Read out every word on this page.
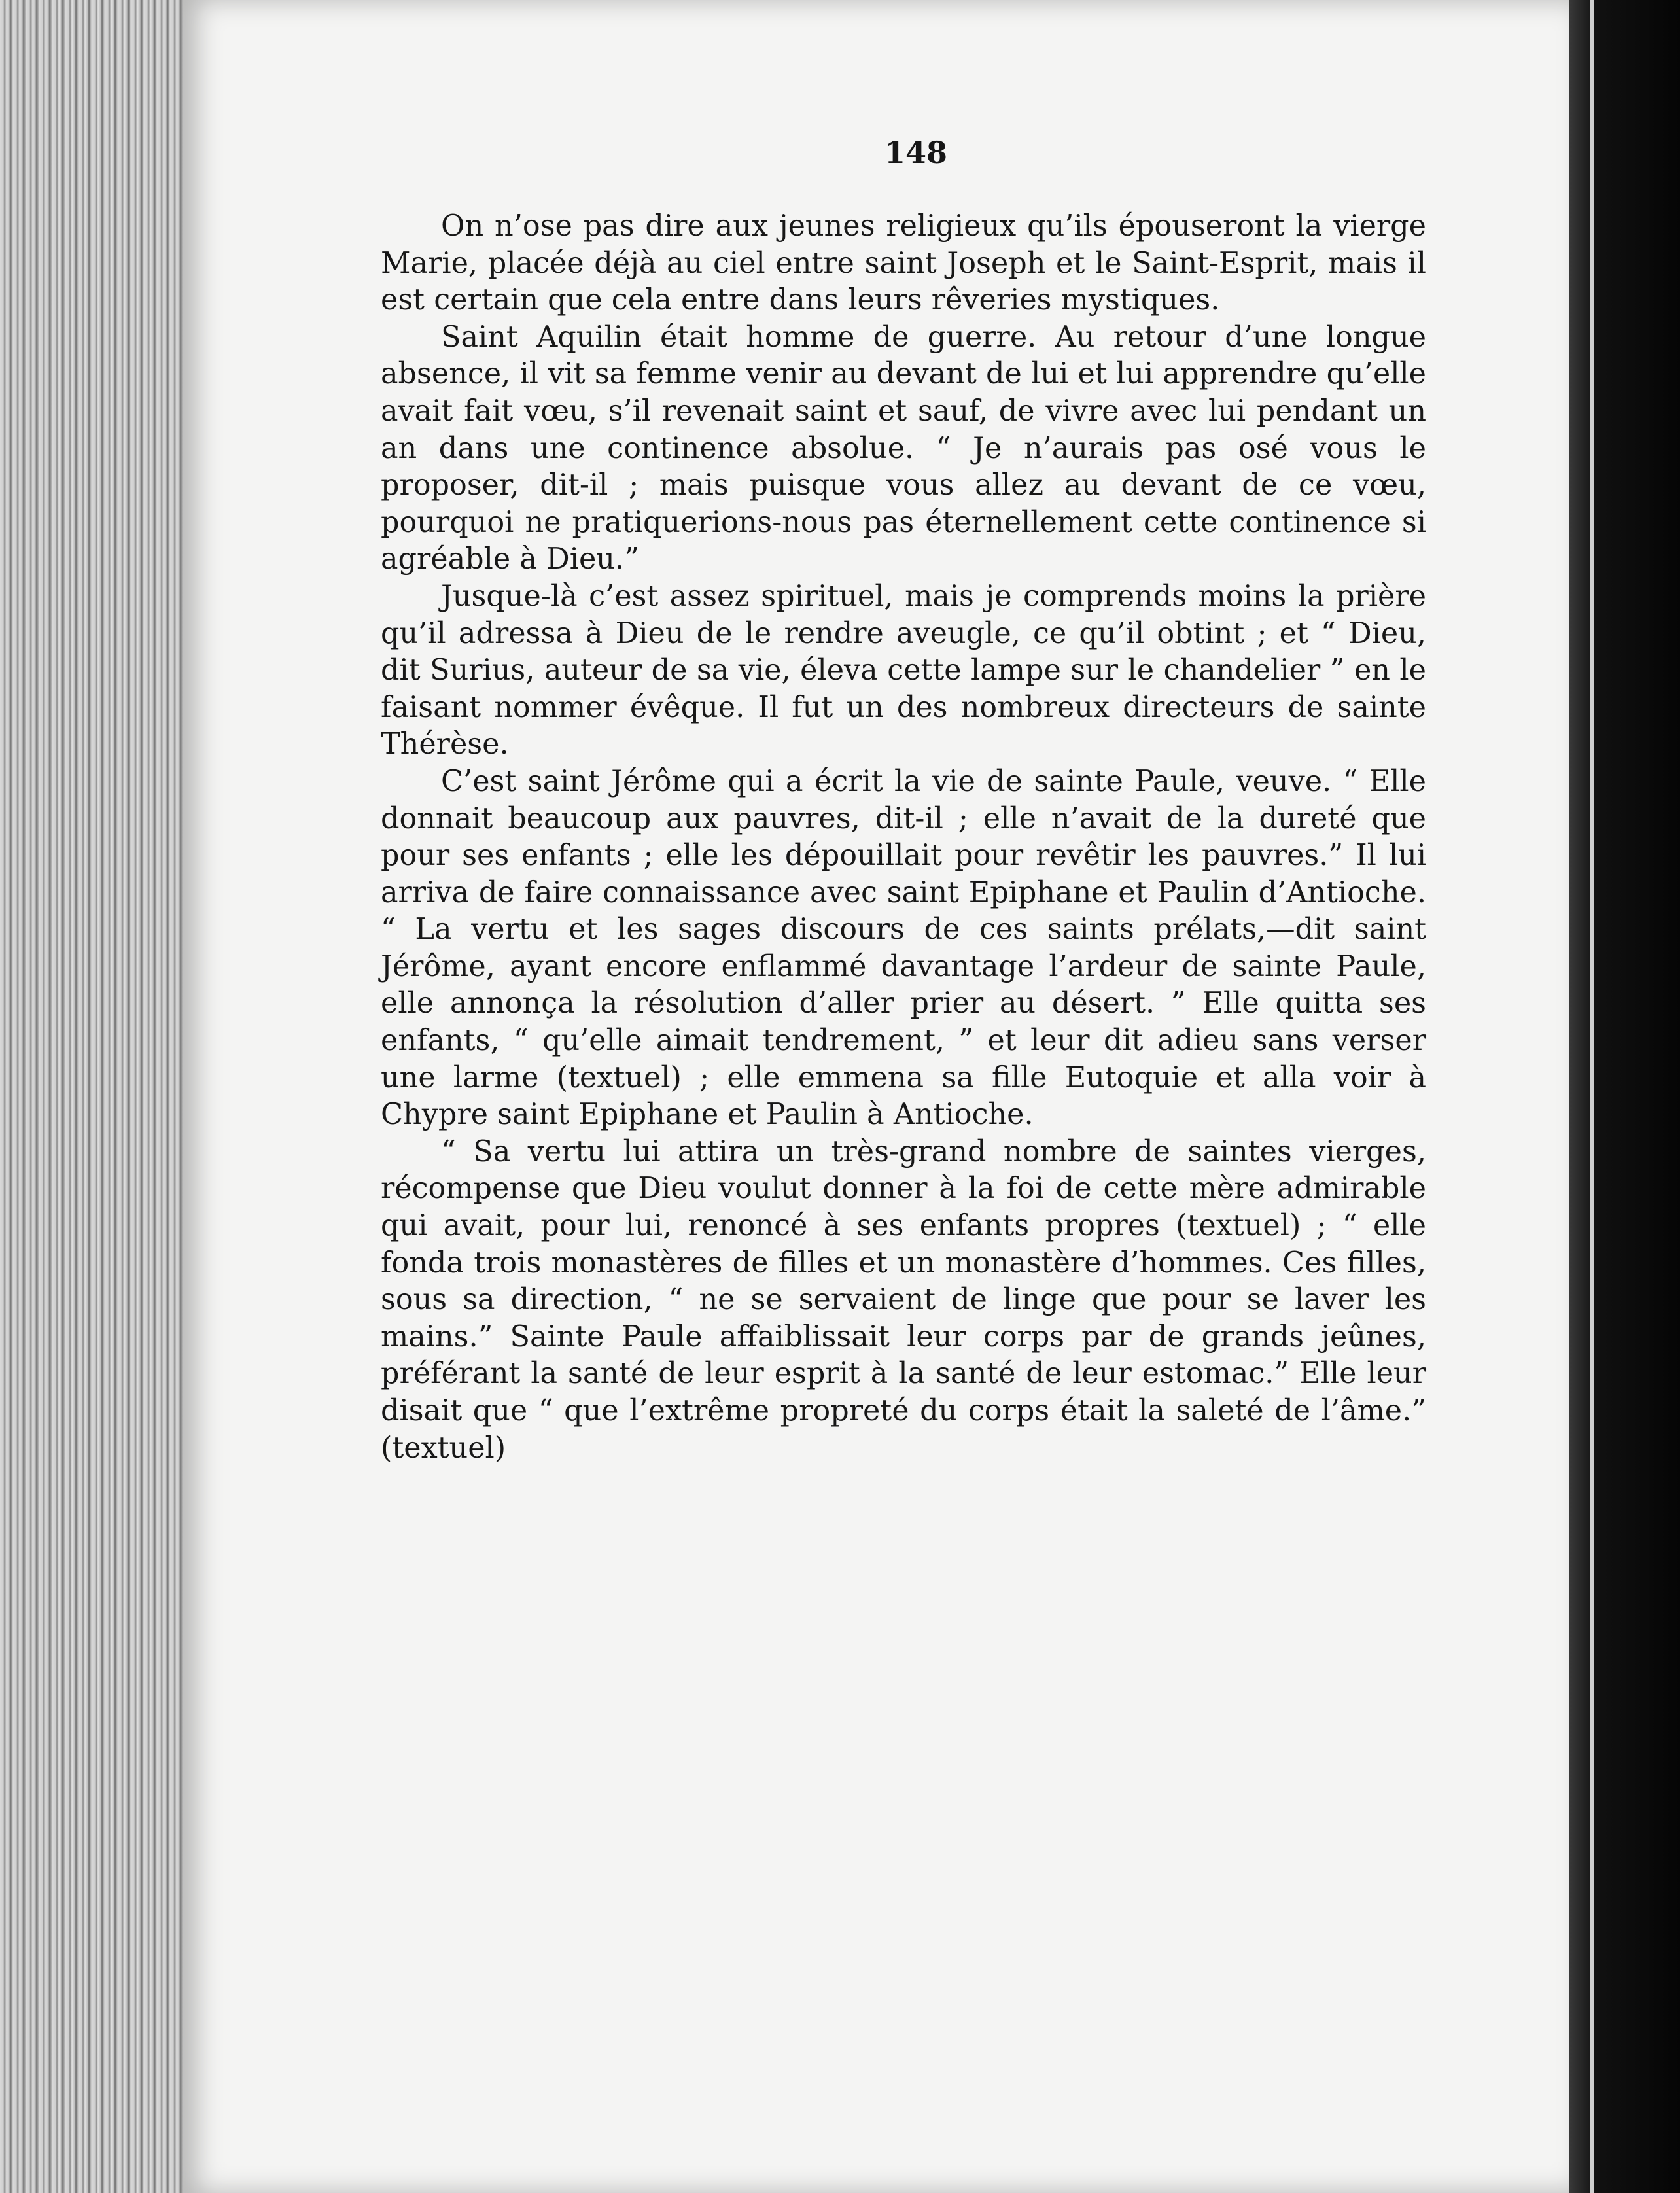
148

On n’ose pas dire aux jeunes religieux qu’ils épouseront la vierge Marie, placée déjà au ciel entre saint Joseph et le Saint-Esprit, mais il est certain que cela entre dans leurs rêveries mystiques.

Saint Aquilin était homme de guerre. Au retour d’une longue absence, il vit sa femme venir au devant de lui et lui apprendre qu’elle avait fait vœu, s’il revenait saint et sauf, de vivre avec lui pendant un an dans une continence absolue. “ Je n’aurais pas osé vous le proposer, dit-il ; mais puisque vous allez au devant de ce vœu, pourquoi ne pratiquerions-nous pas éternellement cette continence si agréable à Dieu.”

Jusque-là c’est assez spirituel, mais je comprends moins la prière qu’il adressa à Dieu de le rendre aveugle, ce qu’il obtint ; et “ Dieu, dit Surius, auteur de sa vie, éleva cette lampe sur le chandelier ” en le faisant nommer évêque. Il fut un des nombreux directeurs de sainte Thérèse.

C’est saint Jérôme qui a écrit la vie de sainte Paule, veuve. “ Elle donnait beaucoup aux pauvres, dit-il ; elle n’avait de la dureté que pour ses enfants ; elle les dépouillait pour revêtir les pauvres.” Il lui arriva de faire connaissance avec saint Epiphane et Paulin d’Antioche. “ La vertu et les sages discours de ces saints prélats,—dit saint Jérôme, ayant encore enflammé davantage l’ardeur de sainte Paule, elle annonça la résolution d’aller prier au désert. ” Elle quitta ses enfants, “ qu’elle aimait tendrement, ” et leur dit adieu sans verser une larme (textuel) ; elle emmena sa fille Eutoquie et alla voir à Chypre saint Epiphane et Paulin à Antioche.

“ Sa vertu lui attira un très-grand nombre de saintes vierges, récompense que Dieu voulut donner à la foi de cette mère admirable qui avait, pour lui, renoncé à ses enfants propres (textuel) ; “ elle fonda trois monastères de filles et un monastère d’hommes. Ces filles, sous sa direction, “ ne se servaient de linge que pour se laver les mains.” Sainte Paule affaiblissait leur corps par de grands jeûnes, préférant la santé de leur esprit à la santé de leur estomac.” Elle leur disait que “ que l’extrême propreté du corps était la saleté de l’âme.” (textuel)
